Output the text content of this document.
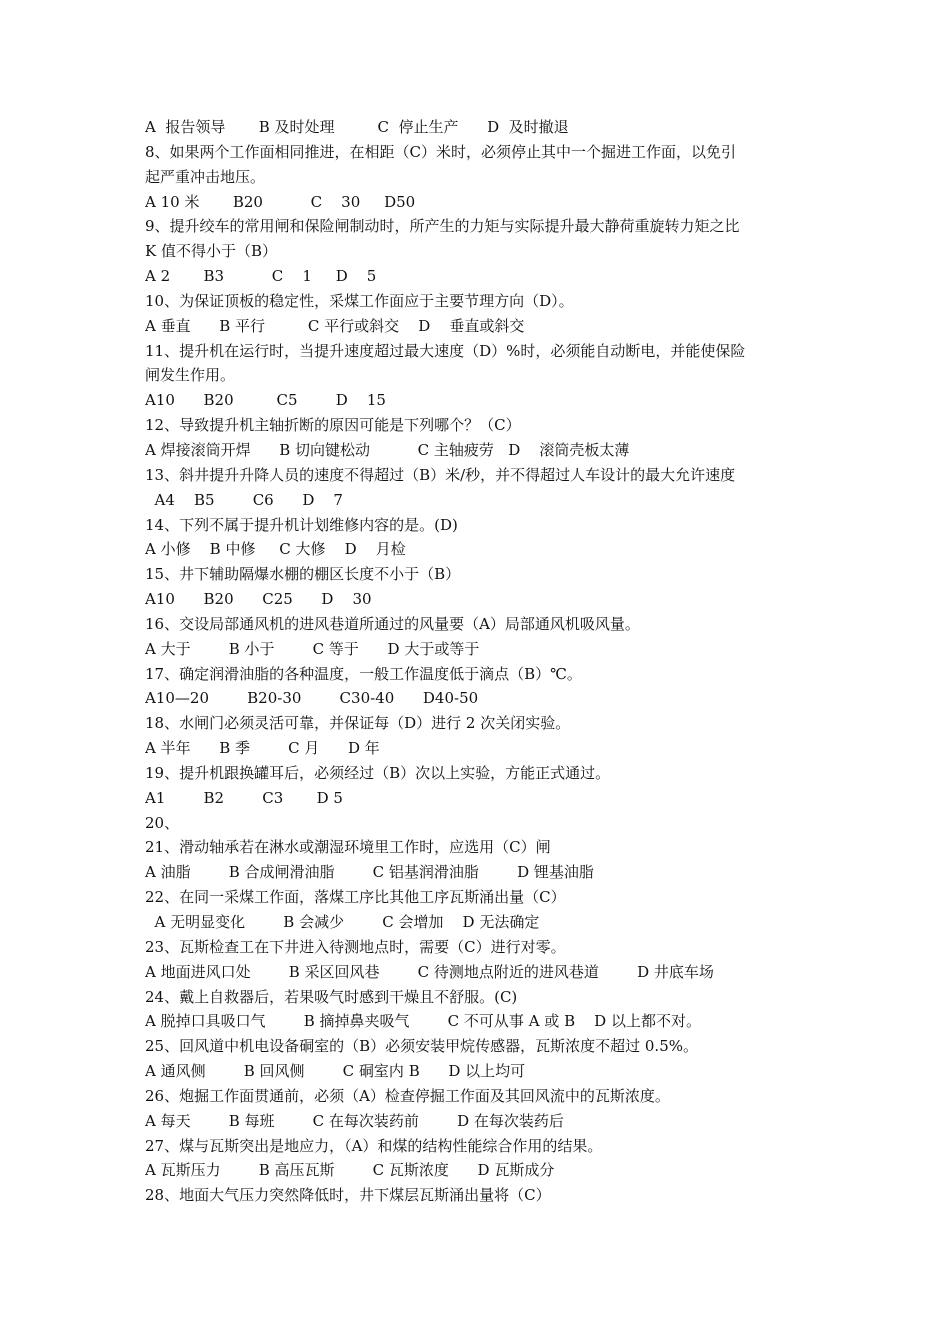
A  报告领导       B 及时处理         C  停止生产      D  及时撤退
8、如果两个工作面相同推进，在相距（C）米时，必须停止其中一个掘进工作面，以免引
起严重冲击地压。
A 10 米       B20          C    30     D50
9、提升绞车的常用闸和保险闸制动时，所产生的力矩与实际提升最大静荷重旋转力矩之比
K 值不得小于（B）
A 2       B3          C    1     D    5
10、为保证顶板的稳定性，采煤工作面应于主要节理方向（D）。
A 垂直      B 平行         C 平行或斜交    D    垂直或斜交
11、提升机在运行时，当提升速度超过最大速度（D）%时，必须能自动断电，并能使保险
闸发生作用。
A10      B20         C5        D    15
12、导致提升机主轴折断的原因可能是下列哪个？（C）
A 焊接滚筒开焊      B 切向键松动          C 主轴疲劳   D    滚筒壳板太薄
13、斜井提升升降人员的速度不得超过（B）米/秒，并不得超过人车设计的最大允许速度
A4    B5        C6      D    7
14、下列不属于提升机计划维修内容的是。(D)
A 小修    B 中修     C 大修    D    月检
15、井下辅助隔爆水棚的棚区长度不小于（B）
A10      B20      C25      D    30
16、交设局部通风机的进风巷道所通过的风量要（A）局部通风机吸风量。
A 大于        B 小于        C 等于      D 大于或等于
17、确定润滑油脂的各种温度，一般工作温度低于滴点（B）℃。
A10—20        B20-30        C30-40      D40-50
18、水闸门必须灵活可靠，并保证每（D）进行 2 次关闭实验。
A 半年      B 季        C 月      D 年
19、提升机跟换罐耳后，必须经过（B）次以上实验，方能正式通过。
A1        B2        C3       D 5
20、
21、滑动轴承若在淋水或潮湿环境里工作时，应选用（C）闸
A 油脂        B 合成闸滑油脂        C 铝基润滑油脂        D 锂基油脂
22、在同一采煤工作面，落煤工序比其他工序瓦斯涌出量（C）
A 无明显变化        B 会减少        C 会增加    D 无法确定
23、瓦斯检查工在下井进入待测地点时，需要（C）进行对零。
A 地面进风口处        B 采区回风巷        C 待测地点附近的进风巷道        D 井底车场
24、戴上自救器后，若果吸气时感到干燥且不舒服。(C)
A 脱掉口具吸口气        B 摘掉鼻夹吸气        C 不可从事 A 或 B    D 以上都不对。
25、回风道中机电设备硐室的（B）必须安装甲烷传感器，瓦斯浓度不超过 0.5%。
A 通风侧        B 回风侧        C 硐室内 B      D 以上均可
26、炮掘工作面贯通前，必须（A）检查停掘工作面及其回风流中的瓦斯浓度。
A 每天        B 每班        C 在每次装药前        D 在每次装药后
27、煤与瓦斯突出是地应力，（A）和煤的结构性能综合作用的结果。
A 瓦斯压力        B 高压瓦斯        C 瓦斯浓度      D 瓦斯成分
28、地面大气压力突然降低时，井下煤层瓦斯涌出量将（C）
